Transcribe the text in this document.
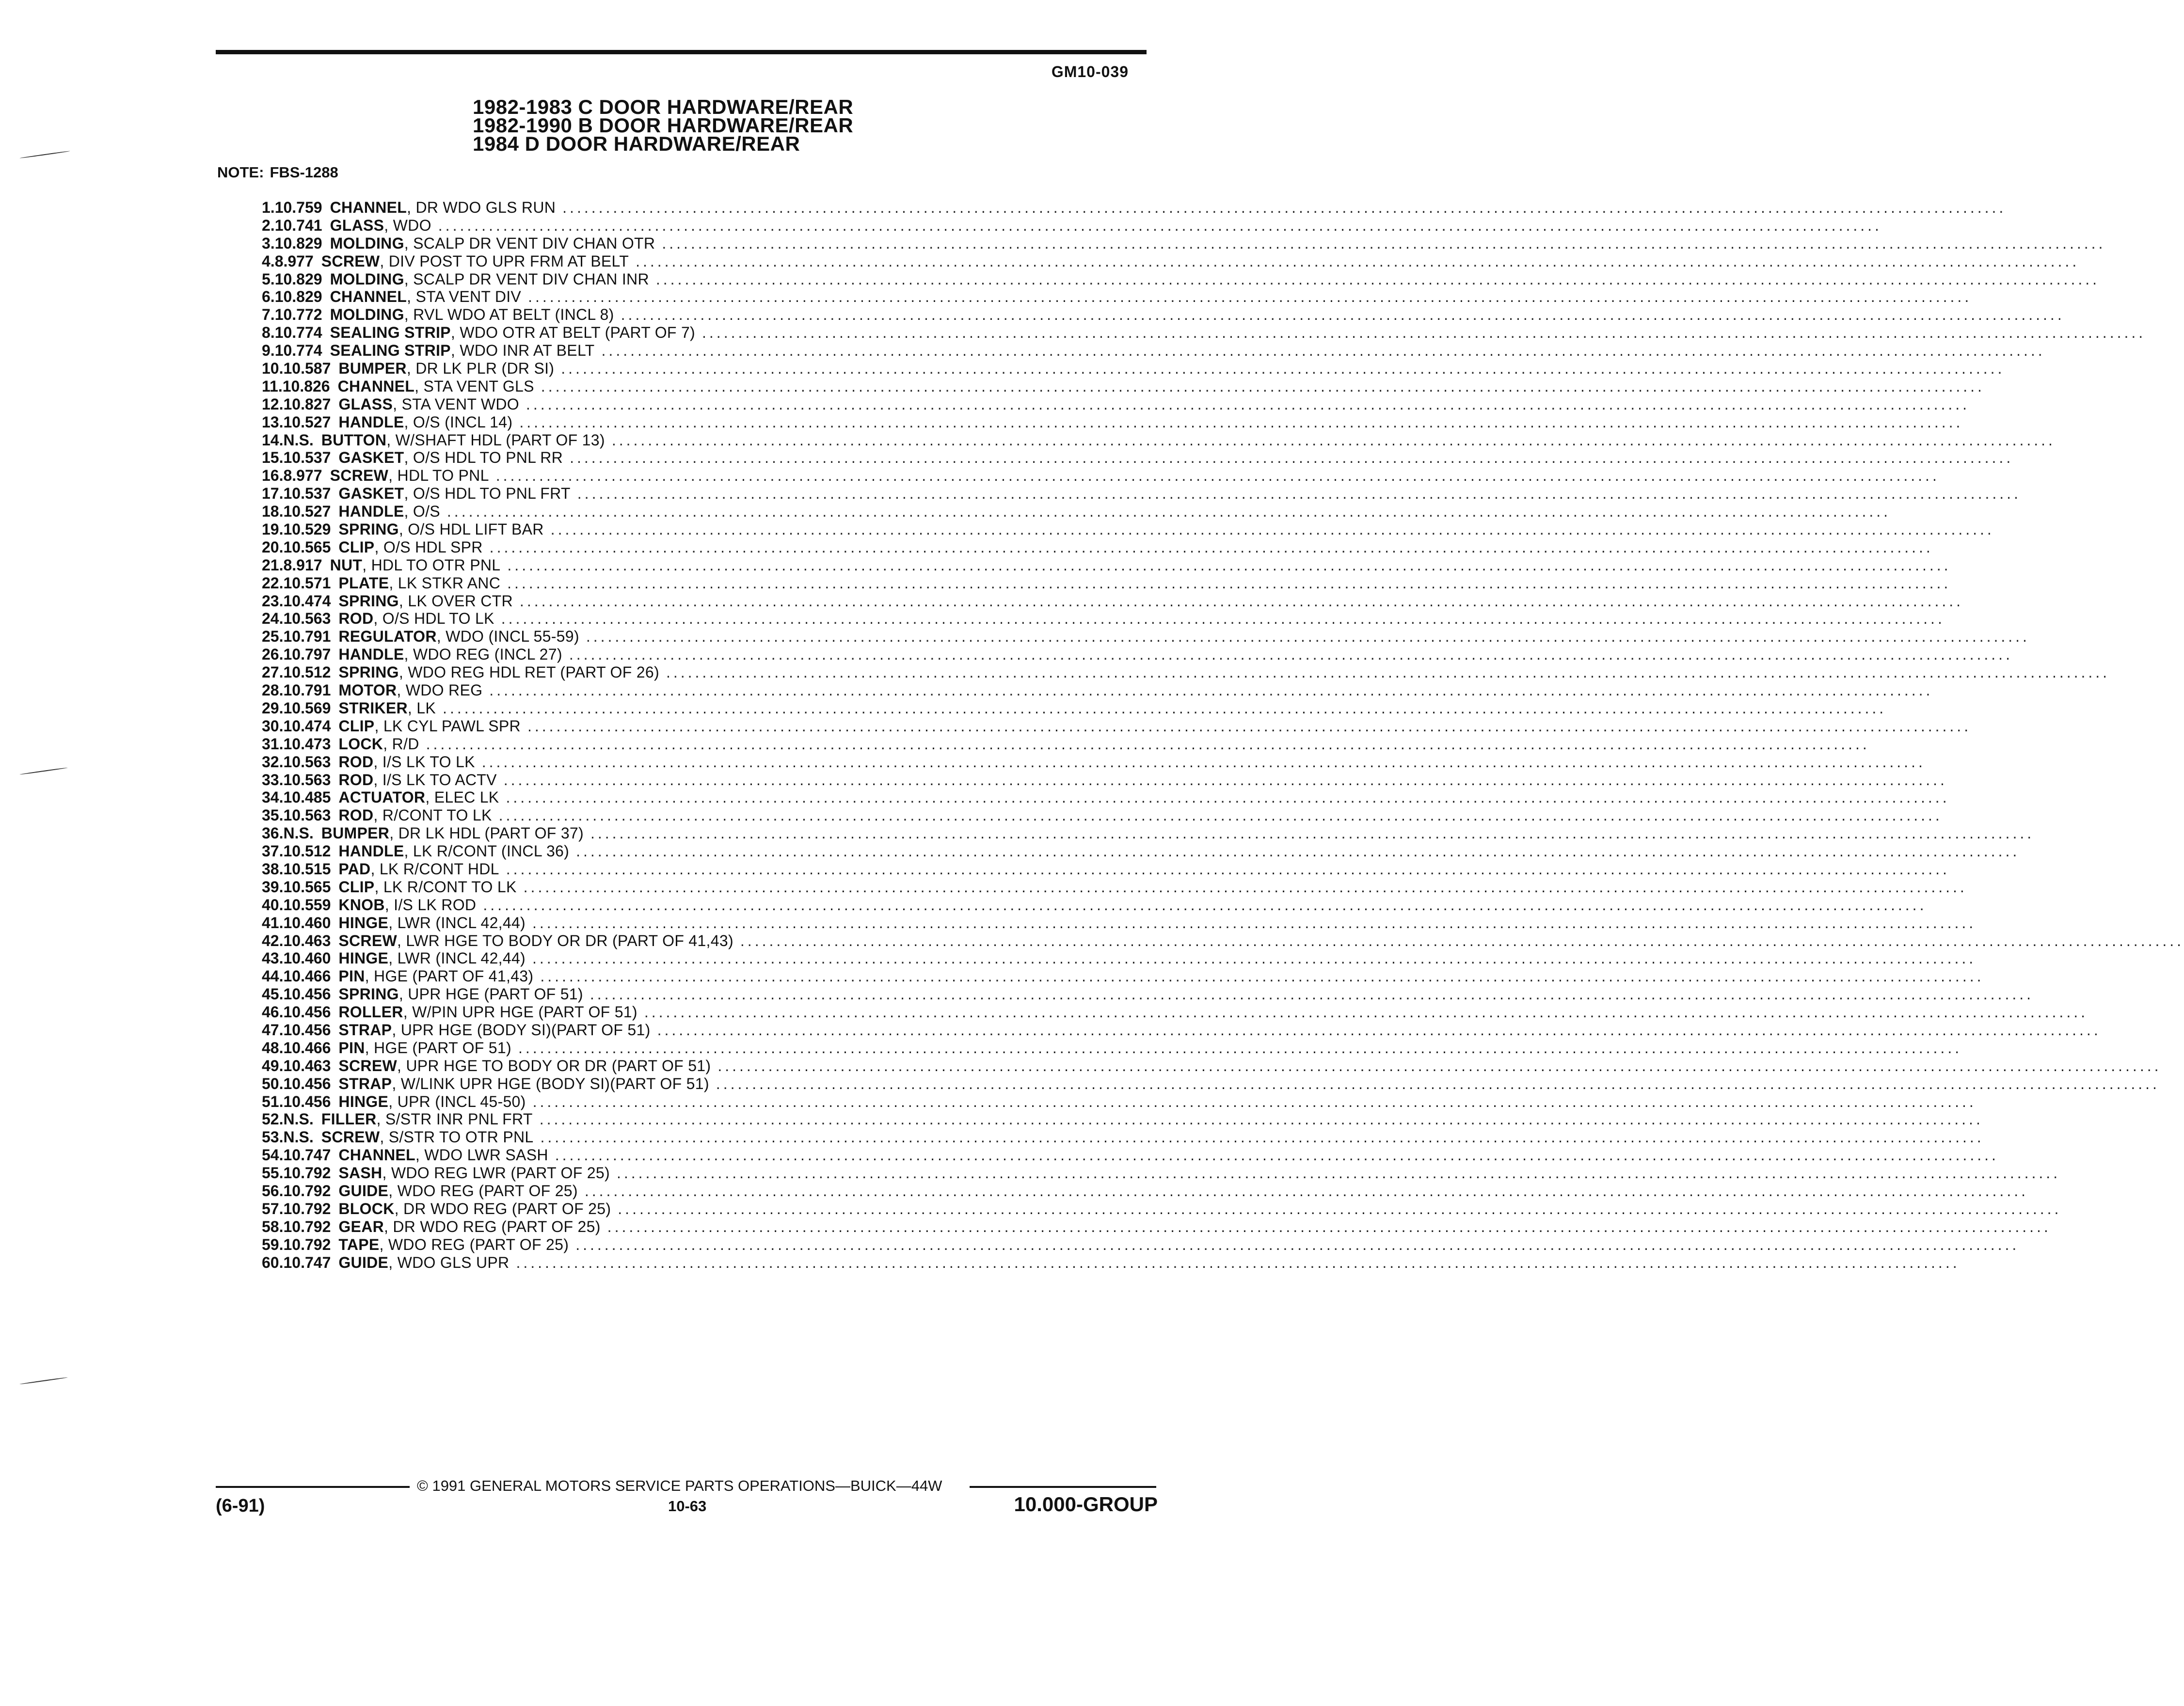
GM10-039
1982-1983 C DOOR HARDWARE/REAR
1982-1990 B DOOR HARDWARE/REAR
1984 D DOOR HARDWARE/REAR
NOTE: FBS-1288
1. 10.759 CHANNEL , DR WDO GLS RUN ........................................................................................................................................................................................................
2. 10.741 GLASS , WDO ........................................................................................................................................................................................................
3. 10.829 MOLDING , SCALP DR VENT DIV CHAN OTR ........................................................................................................................................................................................................
4. 8.977 SCREW , DIV POST TO UPR FRM AT BELT ........................................................................................................................................................................................................
5. 10.829 MOLDING , SCALP DR VENT DIV CHAN INR ........................................................................................................................................................................................................
6. 10.829 CHANNEL , STA VENT DIV ........................................................................................................................................................................................................
7. 10.772 MOLDING , RVL WDO AT BELT (INCL 8) ........................................................................................................................................................................................................
8. 10.774 SEALING STRIP , WDO OTR AT BELT (PART OF 7) ........................................................................................................................................................................................................
9. 10.774 SEALING STRIP , WDO INR AT BELT ........................................................................................................................................................................................................
10. 10.587 BUMPER , DR LK PLR (DR SI) ........................................................................................................................................................................................................
11. 10.826 CHANNEL , STA VENT GLS ........................................................................................................................................................................................................
12. 10.827 GLASS , STA VENT WDO ........................................................................................................................................................................................................
13. 10.527 HANDLE , O/S (INCL 14) ........................................................................................................................................................................................................
14. N.S. BUTTON , W/SHAFT HDL (PART OF 13) ........................................................................................................................................................................................................
15. 10.537 GASKET , O/S HDL TO PNL RR ........................................................................................................................................................................................................
16. 8.977 SCREW , HDL TO PNL ........................................................................................................................................................................................................
17. 10.537 GASKET , O/S HDL TO PNL FRT ........................................................................................................................................................................................................
18. 10.527 HANDLE , O/S ........................................................................................................................................................................................................
19. 10.529 SPRING , O/S HDL LIFT BAR ........................................................................................................................................................................................................
20. 10.565 CLIP , O/S HDL SPR ........................................................................................................................................................................................................
21. 8.917 NUT , HDL TO OTR PNL ........................................................................................................................................................................................................
22. 10.571 PLATE , LK STKR ANC ........................................................................................................................................................................................................
23. 10.474 SPRING , LK OVER CTR ........................................................................................................................................................................................................
24. 10.563 ROD , O/S HDL TO LK ........................................................................................................................................................................................................
25. 10.791 REGULATOR , WDO (INCL 55-59) ........................................................................................................................................................................................................
26. 10.797 HANDLE , WDO REG (INCL 27) ........................................................................................................................................................................................................
27. 10.512 SPRING , WDO REG HDL RET (PART OF 26) ........................................................................................................................................................................................................
28. 10.791 MOTOR , WDO REG ........................................................................................................................................................................................................
29. 10.569 STRIKER , LK ........................................................................................................................................................................................................
30. 10.474 CLIP , LK CYL PAWL SPR ........................................................................................................................................................................................................
31. 10.473 LOCK , R/D ........................................................................................................................................................................................................
32. 10.563 ROD , I/S LK TO LK ........................................................................................................................................................................................................
33. 10.563 ROD , I/S LK TO ACTV ........................................................................................................................................................................................................
34. 10.485 ACTUATOR , ELEC LK ........................................................................................................................................................................................................
35. 10.563 ROD , R/CONT TO LK ........................................................................................................................................................................................................
36. N.S. BUMPER , DR LK HDL (PART OF 37) ........................................................................................................................................................................................................
37. 10.512 HANDLE , LK R/CONT (INCL 36) ........................................................................................................................................................................................................
38. 10.515 PAD , LK R/CONT HDL ........................................................................................................................................................................................................
39. 10.565 CLIP , LK R/CONT TO LK ........................................................................................................................................................................................................
40. 10.559 KNOB , I/S LK ROD ........................................................................................................................................................................................................
41. 10.460 HINGE , LWR (INCL 42,44) ........................................................................................................................................................................................................
42. 10.463 SCREW , LWR HGE TO BODY OR DR (PART OF 41,43) ........................................................................................................................................................................................................
43. 10.460 HINGE , LWR (INCL 42,44) ........................................................................................................................................................................................................
44. 10.466 PIN , HGE (PART OF 41,43) ........................................................................................................................................................................................................
45. 10.456 SPRING , UPR HGE (PART OF 51) ........................................................................................................................................................................................................
46. 10.456 ROLLER , W/PIN UPR HGE (PART OF 51) ........................................................................................................................................................................................................
47. 10.456 STRAP , UPR HGE (BODY SI)(PART OF 51) ........................................................................................................................................................................................................
48. 10.466 PIN , HGE (PART OF 51) ........................................................................................................................................................................................................
49. 10.463 SCREW , UPR HGE TO BODY OR DR (PART OF 51) ........................................................................................................................................................................................................
50. 10.456 STRAP , W/LINK UPR HGE (BODY SI)(PART OF 51) ........................................................................................................................................................................................................
51. 10.456 HINGE , UPR (INCL 45-50) ........................................................................................................................................................................................................
52. N.S. FILLER , S/STR INR PNL FRT ........................................................................................................................................................................................................
53. N.S. SCREW , S/STR TO OTR PNL ........................................................................................................................................................................................................
54. 10.747 CHANNEL , WDO LWR SASH ........................................................................................................................................................................................................
55. 10.792 SASH , WDO REG LWR (PART OF 25) ........................................................................................................................................................................................................
56. 10.792 GUIDE , WDO REG (PART OF 25) ........................................................................................................................................................................................................
57. 10.792 BLOCK , DR WDO REG (PART OF 25) ........................................................................................................................................................................................................
58. 10.792 GEAR , DR WDO REG (PART OF 25) ........................................................................................................................................................................................................
59. 10.792 TAPE , WDO REG (PART OF 25) ........................................................................................................................................................................................................
60. 10.747 GUIDE , WDO GLS UPR ........................................................................................................................................................................................................
© 1991 GENERAL MOTORS SERVICE PARTS OPERATIONS—BUICK—44W
(6-91)	10-63	10.000-GROUP
